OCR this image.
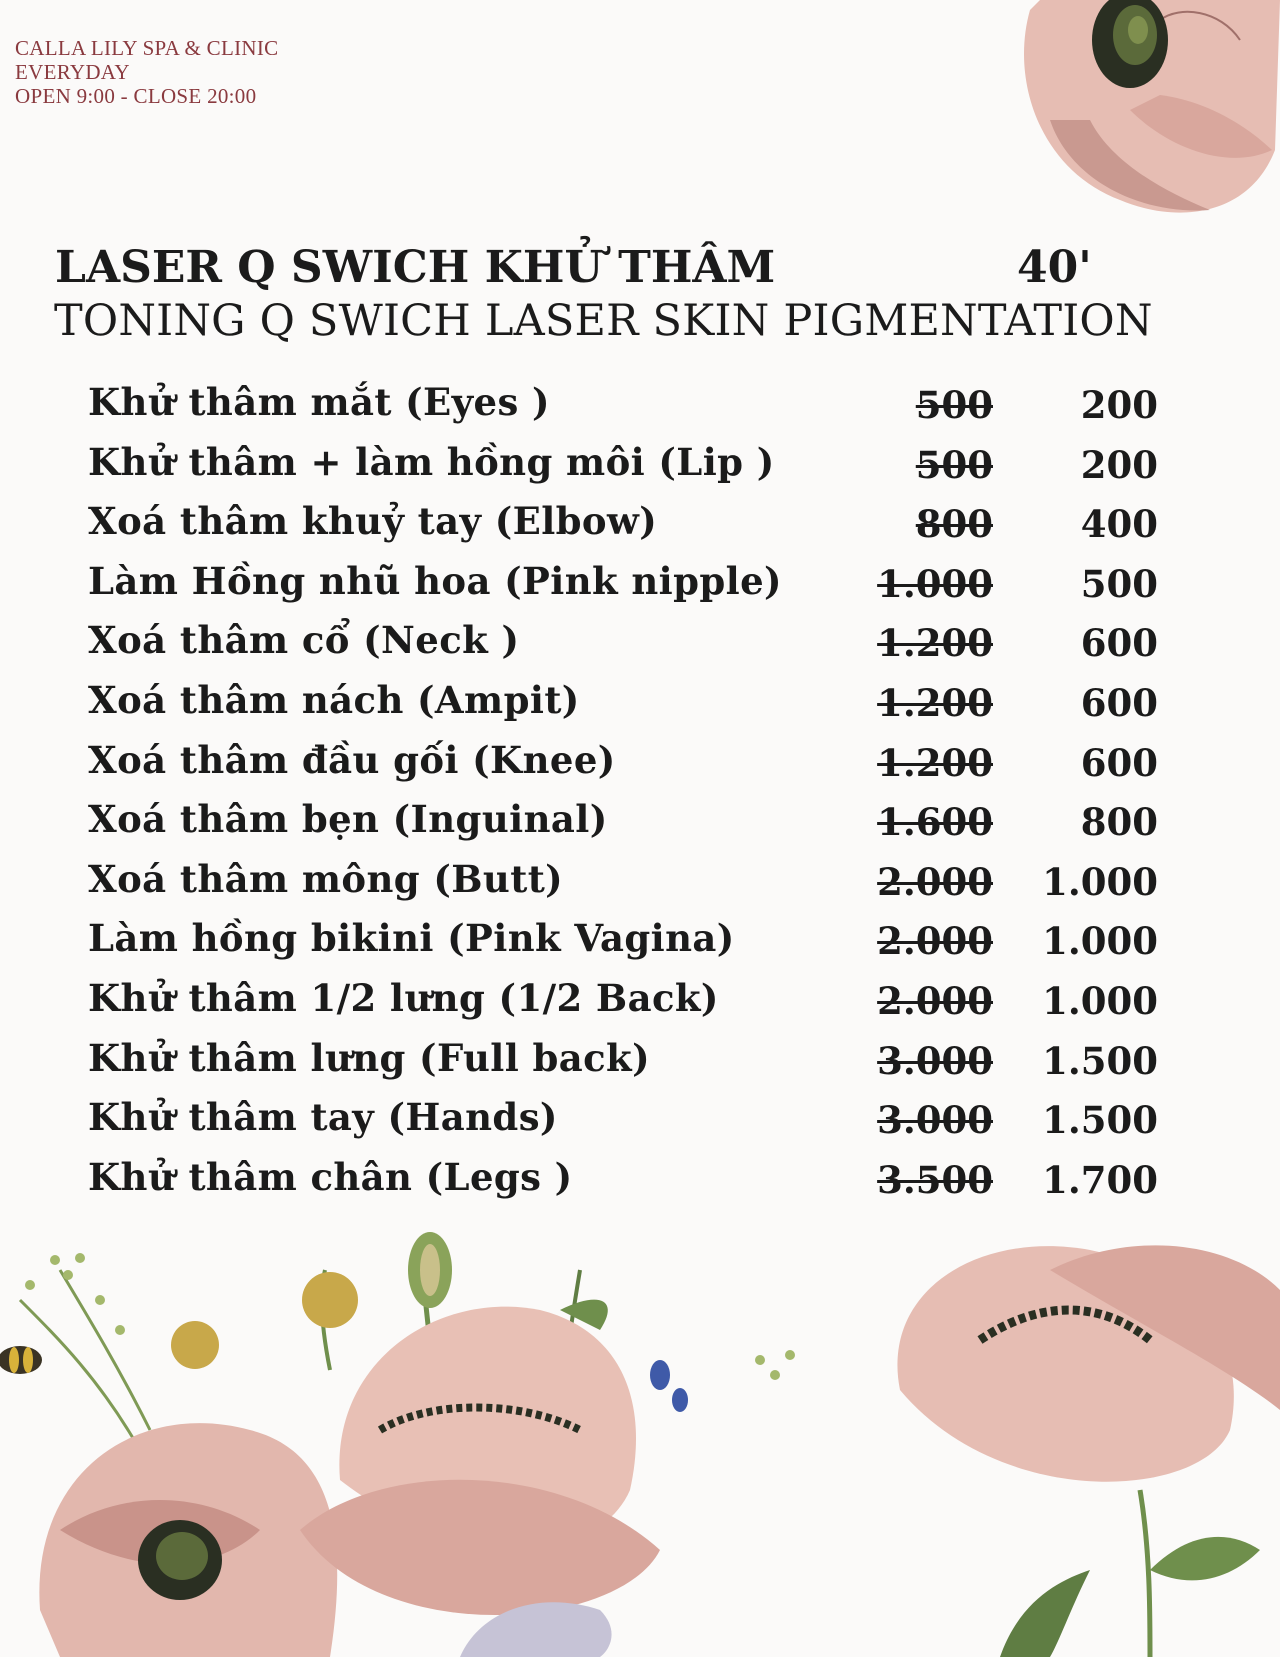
CALLA LILY SPA & CLINIC
EVERYDAY
OPEN 9:00 - CLOSE 20:00
LASER Q SWICH KHỬ THÂM	40'
TONING Q SWICH LASER SKIN PIGMENTATION
Khử thâm mắt (Eyes )	500 200
Khử thâm + làm hồng môi (Lip )	500 200
Xoá thâm khuỷ tay (Elbow)	800 400
Làm Hồng nhũ hoa (Pink nipple)	1.000 500
Xoá thâm cổ (Neck )	1.200 600
Xoá thâm nách (Ampit)	1.200 600
Xoá thâm đầu gối (Knee)	1.200 600
Xoá thâm bẹn (Inguinal)	1.600 800
Xoá thâm mông (Butt)	2.000 1.000
Làm hồng bikini (Pink Vagina)	2.000 1.000
Khử thâm 1/2 lưng (1/2 Back)	2.000 1.000
Khử thâm lưng (Full back)	3.000 1.500
Khử thâm tay (Hands)	3.000 1.500
Khử thâm chân (Legs )	3.500 1.700
